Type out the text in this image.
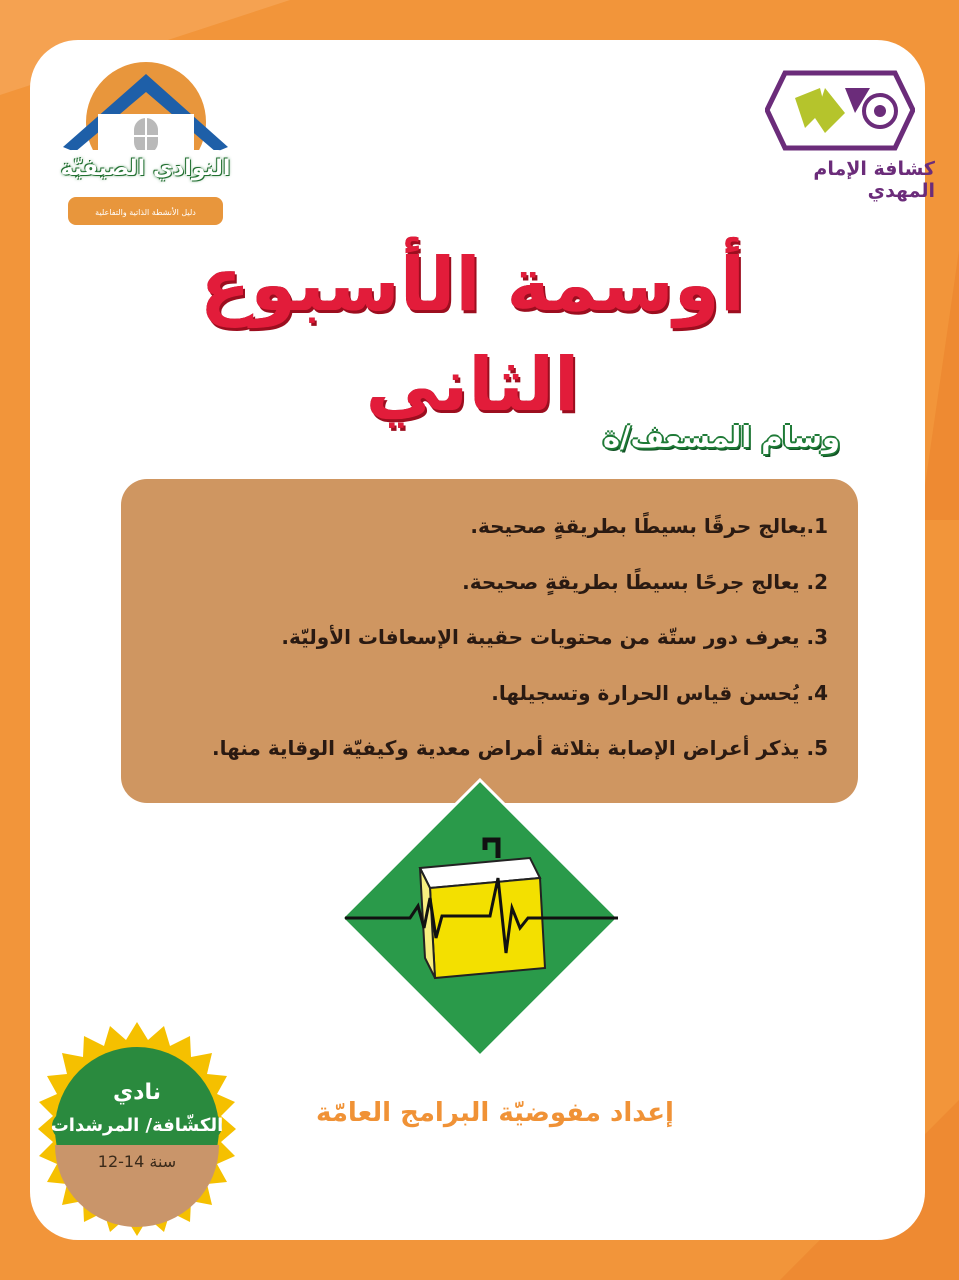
النوادي الصيفيّة
دليل الأنشطة الذاتية والتفاعلية
كشافة الإمام المهدي
أوسمة الأسبوع الثاني
وسام المسعف/ة
1.يعالج حرقًا بسيطًا بطريقةٍ صحيحة.
2. يعالج جرحًا بسيطًا بطريقةٍ صحيحة.
3. يعرف دور ستّة من محتويات حقيبة الإسعافات الأوليّة.
4. يُحسن قياس الحرارة وتسجيلها.
5. يذكر أعراض الإصابة بثلاثة أمراض معدية وكيفيّة الوقاية منها.
إعداد مفوضيّة البرامج العامّة
نادي
الكشّافة/ المرشدات
12-14 سنة
